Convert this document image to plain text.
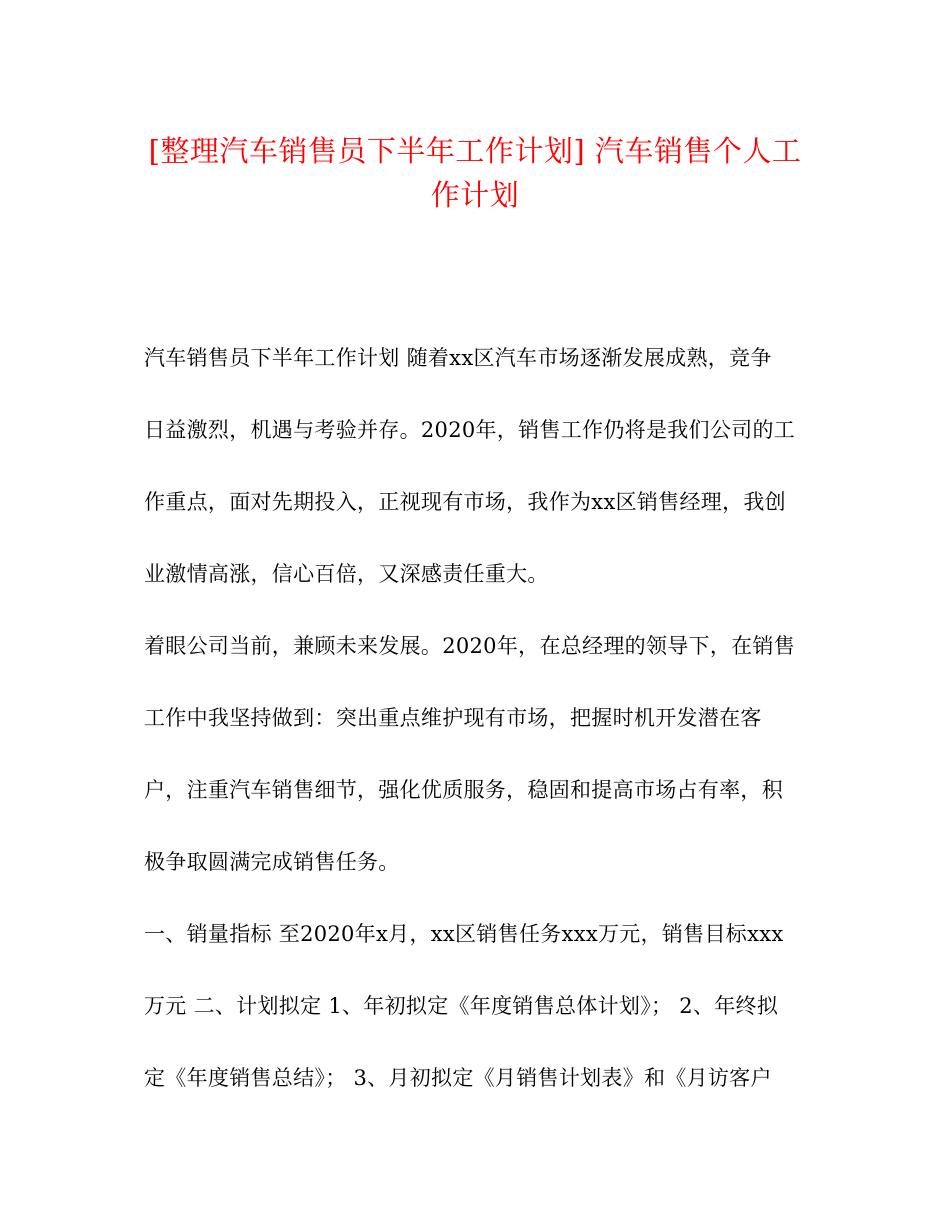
[整理汽车销售员下半年工作计划] 汽车销售个人工
作计划
汽车销售员下半年工作计划 随着xx区汽车市场逐渐发展成熟，竞争
日益激烈，机遇与考验并存。2020年，销售工作仍将是我们公司的工
作重点，面对先期投入，正视现有市场，我作为xx区销售经理，我创
业激情高涨，信心百倍，又深感责任重大。
着眼公司当前，兼顾未来发展。2020年，在总经理的领导下，在销售
工作中我坚持做到：突出重点维护现有市场，把握时机开发潜在客
户，注重汽车销售细节，强化优质服务，稳固和提高市场占有率，积
极争取圆满完成销售任务。
一、销量指标 至2020年x月，xx区销售任务xxx万元，销售目标xxx
万元 二、计划拟定 1、年初拟定《年度销售总体计划》； 2、年终拟
定《年度销售总结》； 3、月初拟定《月销售计划表》和《月访客户
